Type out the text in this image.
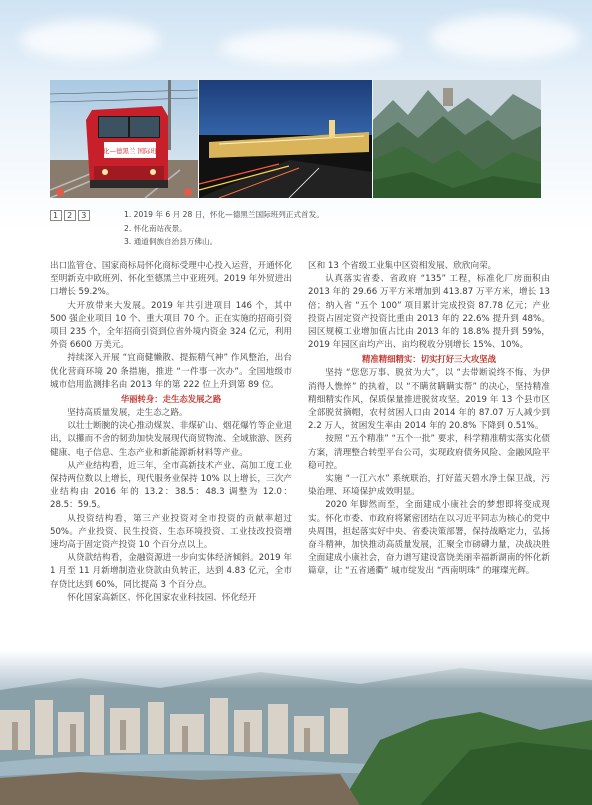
怀化—德黑兰 国际班列
1 2 3	1. 2019 年 6 月 28 日，怀化—德黑兰国际班列正式首发。
2. 怀化南站夜景。
3. 通道侗族自治县万佛山。

出口监管仓、国家商标局怀化商标受理中心投入运营，开通怀化至明新克中欧班列、怀化至德黑兰中亚班列。2019 年外贸进出口增长 59.2%。

大开放带来大发展。2019 年共引进项目 146 个，其中 500 强企业项目 10 个、重大项目 70 个。正在实施的招商引资项目 235 个，全年招商引资到位省外境内资金 324 亿元，利用外资 6600 万美元。

持续深入开展 “宜商健懒散、提振精气神” 作风整治，出台优化营商环境 20 条措施，推进 “一件事一次办”。全国地级市城市信用监测排名由 2013 年的第 222 位上升到第 89 位。

华丽转身：走生态发展之路

坚持高质量发展，走生态之路。

以壮士断腕的决心推动煤炭、非煤矿山、烟花爆竹等企业退出，以攥而不舍的韧劲加快发展现代商贸物流、全域旅游、医药健康、电子信息、生态产业和新能源新材料等产业。

从产业结构看，近三年，全市高新技术产业、高加工度工业保持两位数以上增长，现代服务业保持 10% 以上增长，三次产业结构由 2016 年的 13.2：38.5：48.3 调整为 12.0：28.5：59.5。

从投资结构看，第三产业投资对全市投资的贡献率超过 50%。产业投资、民生投资、生态环境投资、工业技改投资增速均高于固定资产投资 10 个百分点以上。

从贷款结构看，金融资源进一步向实体经济倾斜。2019 年 1 月至 11 月新增制造业贷款由负转正，达到 4.83 亿元，全市存贷比达到 60%，同比提高 3 个百分点。

怀化国家高新区、怀化国家农业科技园、怀化经开

区和 13 个省级工业集中区资相发展、欣欣向荣。

认真落实省委、省政府 “135” 工程，标准化厂房面积由 2013 年的 29.66 万平方米增加到 413.87 万平方米，增长 13 倍；纳入省 “五个 100” 项目累计完成投资 87.78 亿元；产业投资占固定资产投资比重由 2013 年的 22.6% 提升到 48%。园区规模工业增加值占比由 2013 年的 18.8% 提升到 59%，2019 年园区亩均产出、亩均税收分别增长 15%、10%。

精准精细精实：切实打好三大攻坚战

坚持 “您您万事、脱贫为大”，以 “去带断说终不悔、为伊消得人憔悴” 的执着，以 “不瞒贫瞒瞒实帮” 的决心，坚持精准精细精实作风，保质保量推进脱贫攻坚。2019 年 13 个县市区全部脱贫摘帽，农村贫困人口由 2014 年的 87.07 万人减少到 2.2 万人，贫困发生率由 2014 年的 20.8% 下降到 0.51%。

按照 “五个精准” “五个一批” 要求，科学精准精实落实化债方案，清理整合转型平台公司，实现政府债务风险、金融风险平稳可控。

实施 “一江六水” 系统联治，打好蓝天碧水净土保卫战，污染治理、环境保护成效明显。

2020 年脚然而至，全面建成小康社会的梦想即将变成现实。怀化市委、市政府将紧密团结在以习近平同志为核心的党中央周围，担起落实好中央、省委决策部署，保持战略定力，弘扬奋斗精神，加快推动高质量发展，汇聚全市磅礴力量，决战决胜全面建成小康社会，奋力谱写建设富饶美丽幸福新湖南的怀化新篇章，让 “五省通衢” 城市绽发出 “西南明珠” 的璀璨光辉。
